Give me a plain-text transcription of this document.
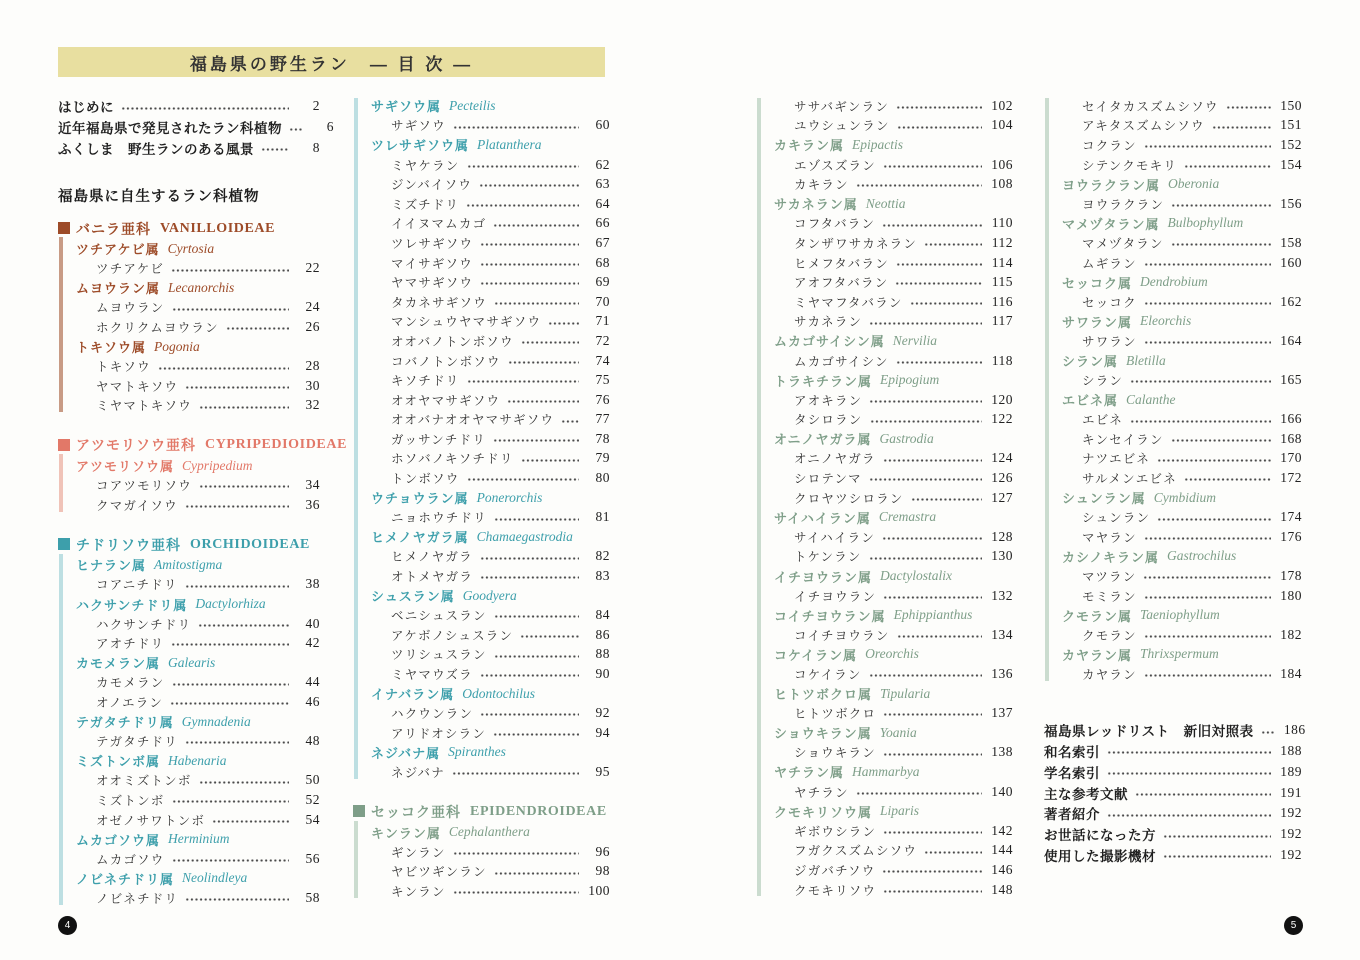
福島県の野生ラン　― 目 次 ―
はじめに	2
近年福島県で発見されたラン科植物	6
ふくしま　野生ランのある風景	8
福島県に自生するラン科植物
バニラ亜科 VANILLOIDEAE
ツチアケビ属 Cyrtosia
ツチアケビ	22
ムヨウラン属 Lecanorchis
ムヨウラン	24
ホクリクムヨウラン	26
トキソウ属 Pogonia
トキソウ	28
ヤマトキソウ	30
ミヤマトキソウ	32
アツモリソウ亜科 CYPRIPEDIOIDEAE
アツモリソウ属 Cypripedium
コアツモリソウ	34
クマガイソウ	36
チドリソウ亜科 ORCHIDOIDEAE
ヒナラン属 Amitostigma
コアニチドリ	38
ハクサンチドリ属 Dactylorhiza
ハクサンチドリ	40
アオチドリ	42
カモメラン属 Galearis
カモメラン	44
オノエラン	46
テガタチドリ属 Gymnadenia
テガタチドリ	48
ミズトンボ属 Habenaria
オオミズトンボ	50
ミズトンボ	52
オゼノサワトンボ	54
ムカゴソウ属 Herminium
ムカゴソウ	56
ノビネチドリ属 Neolindleya
ノビネチドリ	58
サギソウ属 Pecteilis
サギソウ	60
ツレサギソウ属 Platanthera
ミヤケラン	62
ジンバイソウ	63
ミズチドリ	64
イイヌマムカゴ	66
ツレサギソウ	67
マイサギソウ	68
ヤマサギソウ	69
タカネサギソウ	70
マンシュウヤマサギソウ	71
オオバノトンボソウ	72
コバノトンボソウ	74
キソチドリ	75
オオヤマサギソウ	76
オオバナオオヤマサギソウ	77
ガッサンチドリ	78
ホソバノキソチドリ	79
トンボソウ	80
ウチョウラン属 Ponerorchis
ニョホウチドリ	81
ヒメノヤガラ属 Chamaegastrodia
ヒメノヤガラ	82
オトメヤガラ	83
シュスラン属 Goodyera
ベニシュスラン	84
アケボノシュスラン	86
ツリシュスラン	88
ミヤマウズラ	90
イナバラン属 Odontochilus
ハクウンラン	92
アリドオシラン	94
ネジバナ属 Spiranthes
ネジバナ	95
セッコク亜科 EPIDENDROIDEAE
キンラン属 Cephalanthera
ギンラン	96
ヤビツギンラン	98
キンラン	100
ササバギンラン	102
ユウシュンラン	104
カキラン属 Epipactis
エゾスズラン	106
カキラン	108
サカネラン属 Neottia
コフタバラン	110
タンザワサカネラン	112
ヒメフタバラン	114
アオフタバラン	115
ミヤマフタバラン	116
サカネラン	117
ムカゴサイシン属 Nervilia
ムカゴサイシン	118
トラキチラン属 Epipogium
アオキラン	120
タシロラン	122
オニノヤガラ属 Gastrodia
オニノヤガラ	124
シロテンマ	126
クロヤツシロラン	127
サイハイラン属 Cremastra
サイハイラン	128
トケンラン	130
イチヨウラン属 Dactylostalix
イチヨウラン	132
コイチヨウラン属 Ephippianthus
コイチヨウラン	134
コケイラン属 Oreorchis
コケイラン	136
ヒトツボクロ属 Tipularia
ヒトツボクロ	137
ショウキラン属 Yoania
ショウキラン	138
ヤチラン属 Hammarbya
ヤチラン	140
クモキリソウ属 Liparis
ギボウシラン	142
フガクスズムシソウ	144
ジガバチソウ	146
クモキリソウ	148
セイタカスズムシソウ	150
アキタスズムシソウ	151
コクラン	152
シテンクモキリ	154
ヨウラクラン属 Oberonia
ヨウラクラン	156
マメヅタラン属 Bulbophyllum
マメヅタラン	158
ムギラン	160
セッコク属 Dendrobium
セッコク	162
サワラン属 Eleorchis
サワラン	164
シラン属 Bletilla
シラン	165
エビネ属 Calanthe
エビネ	166
キンセイラン	168
ナツエビネ	170
サルメンエビネ	172
シュンラン属 Cymbidium
シュンラン	174
マヤラン	176
カシノキラン属 Gastrochilus
マツラン	178
モミラン	180
クモラン属 Taeniophyllum
クモラン	182
カヤラン属 Thrixspermum
カヤラン	184
福島県レッドリスト　新旧対照表	186
和名索引	188
学名索引	189
主な参考文献	191
著者紹介	192
お世話になった方	192
使用した撮影機材	192
4	5
